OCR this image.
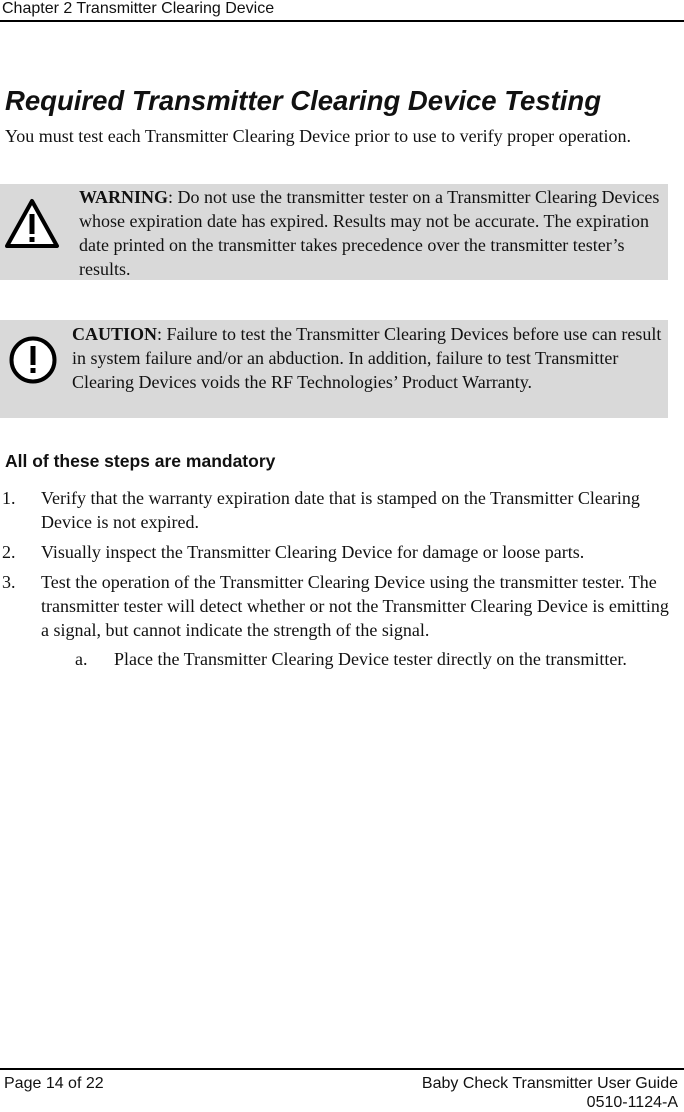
Chapter 2 Transmitter Clearing Device
Required Transmitter Clearing Device Testing

You must test each Transmitter Clearing Device prior to use to verify proper operation.

WARNING: Do not use the transmitter tester on a Transmitter Clearing Devices whose expiration date has expired. Results may not be accurate. The expiration date printed on the transmitter takes precedence over the transmitter tester’s results.

CAUTION: Failure to test the Transmitter Clearing Devices before use can result in system failure and/or an abduction. In addition, failure to test Transmitter Clearing Devices voids the RF Technologies’ Product Warranty.

All of these steps are mandatory
1. Verify that the warranty expiration date that is stamped on the Transmitter Clearing Device is not expired.
2. Visually inspect the Transmitter Clearing Device for damage or loose parts.
3. Test the operation of the Transmitter Clearing Device using the transmitter tester. The transmitter tester will detect whether or not the Transmitter Clearing Device is emitting a signal, but cannot indicate the strength of the signal.
a. Place the Transmitter Clearing Device tester directly on the transmitter.
Page 14 of 22	Baby Check Transmitter User Guide
0510-1124-A
